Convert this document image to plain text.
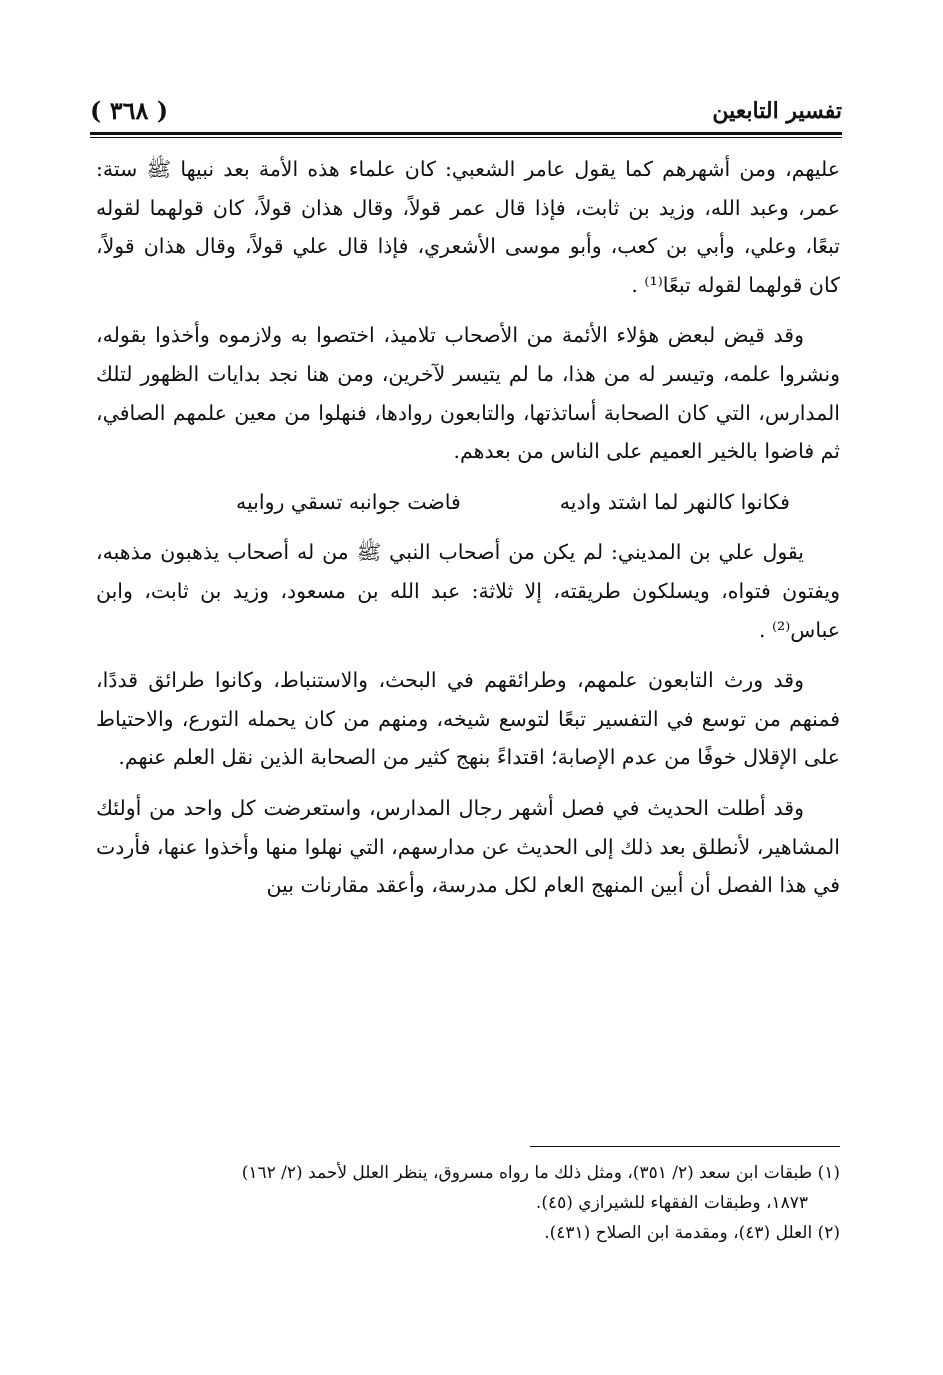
تفسير التابعين
( ٣٦٨ )

عليهم، ومن أشهرهم كما يقول عامر الشعبي: كان علماء هذه الأمة بعد نبيها ﷺ ستة: عمر، وعبد الله، وزيد بن ثابت، فإذا قال عمر قولاً، وقال هذان قولاً، كان قولهما لقوله تبعًا، وعلي، وأبي بن كعب، وأبو موسى الأشعري، فإذا قال علي قولاً، وقال هذان قولاً، كان قولهما لقوله تبعًا⁽¹⁾ .

وقد قيض لبعض هؤلاء الأئمة من الأصحاب تلاميذ، اختصوا به ولازموه وأخذوا بقوله، ونشروا علمه، وتيسر له من هذا، ما لم يتيسر لآخرين، ومن هنا نجد بدايات الظهور لتلك المدارس، التي كان الصحابة أساتذتها، والتابعون روادها، فنهلوا من معين علمهم الصافي، ثم فاضوا بالخير العميم على الناس من بعدهم.

فكانوا كالنهر لما اشتد واديه
فاضت جوانبه تسقي روابيه

يقول علي بن المديني: لم يكن من أصحاب النبي ﷺ من له أصحاب يذهبون مذهبه، ويفتون فتواه، ويسلكون طريقته، إلا ثلاثة: عبد الله بن مسعود، وزيد بن ثابت، وابن عباس⁽²⁾ .

وقد ورث التابعون علمهم، وطرائقهم في البحث، والاستنباط، وكانوا طرائق قددًا، فمنهم من توسع في التفسير تبعًا لتوسع شيخه، ومنهم من كان يحمله التورع، والاحتياط على الإقلال خوفًا من عدم الإصابة؛ اقتداءً بنهج كثير من الصحابة الذين نقل العلم عنهم.

وقد أطلت الحديث في فصل أشهر رجال المدارس، واستعرضت كل واحد من أولئك المشاهير، لأنطلق بعد ذلك إلى الحديث عن مدارسهم، التي نهلوا منها وأخذوا عنها، فأردت في هذا الفصل أن أبين المنهج العام لكل مدرسة، وأعقد مقارنات بين

(١) طبقات ابن سعد (٢/ ٣٥١)، ومثل ذلك ما رواه مسروق، ينظر العلل لأحمد (٢/ ١٦٢)

١٨٧٣، وطبقات الفقهاء للشيرازي (٤٥).

(٢) العلل (٤٣)، ومقدمة ابن الصلاح (٤٣١).
